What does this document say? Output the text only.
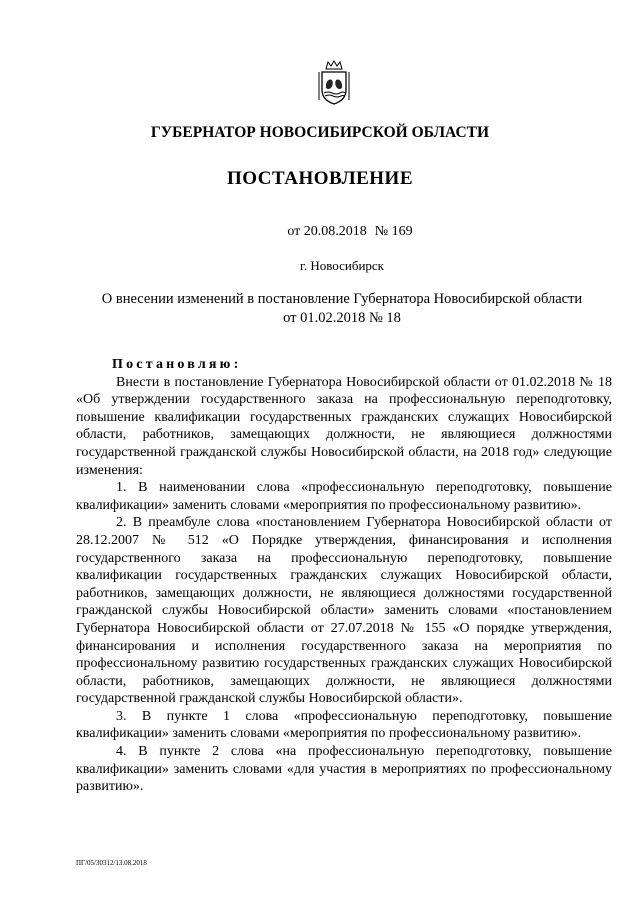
ГУБЕРНАТОР НОВОСИБИРСКОЙ ОБЛАСТИ
ПОСТАНОВЛЕНИЕ
от 20.08.2018 № 169
г. Новосибирск
О внесении изменений в постановление Губернатора Новосибирской области
от 01.02.2018 № 18

Постановляю:

Внести в постановление Губернатора Новосибирской области от 01.02.2018 № 18 «Об утверждении государственного заказа на профессиональную переподготовку, повышение квалификации государственных гражданских служащих Новосибирской области, работников, замещающих должности, не являющиеся должностями государственной гражданской службы Новосибирской области, на 2018 год» следующие изменения:

1. В наименовании слова «профессиональную переподготовку, повышение квалификации» заменить словами «мероприятия по профессиональному развитию».

2. В преамбуле слова «постановлением Губернатора Новосибирской области от 28.12.2007 № 512 «О Порядке утверждения, финансирования и исполнения государственного заказа на профессиональную переподготовку, повышение квалификации государственных гражданских служащих Новосибирской области, работников, замещающих должности, не являющиеся должностями государственной гражданской службы Новосибирской области» заменить словами «постановлением Губернатора Новосибирской области от 27.07.2018 № 155 «О порядке утверждения, финансирования и исполнения государственного заказа на мероприятия по профессиональному развитию государственных гражданских служащих Новосибирской области, работников, замещающих должности, не являющиеся должностями государственной гражданской службы Новосибирской области».

3. В пункте 1 слова «профессиональную переподготовку, повышение квалификации» заменить словами «мероприятия по профессиональному развитию».

4. В пункте 2 слова «на профессиональную переподготовку, повышение квалификации» заменить словами «для участия в мероприятиях по профессиональному развитию».

ПГ/05/30312/13.08.2018
